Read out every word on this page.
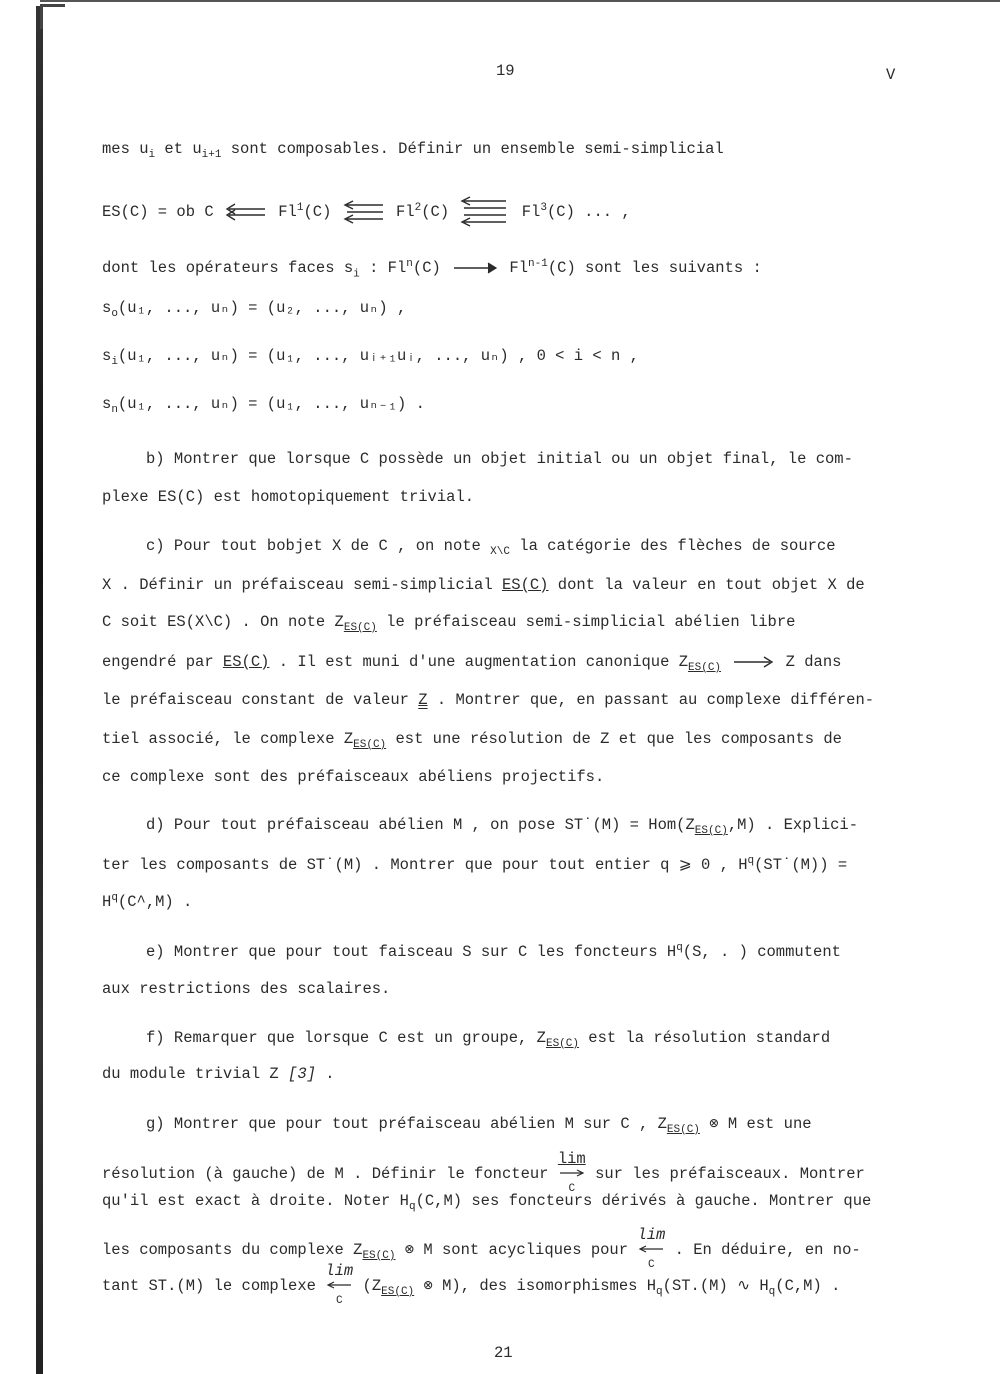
19	V
mes $u_i$ et $u_{i+1}$ sont composables. Définir un ensemble semi-simplicial
ES(C) = ob C	Fl$^1$(C)	Fl$^2$(C)	Fl$^3$(C) ... ,
dont les opérateurs faces $s_i$ : Fl$^n$(C)	Fl$^{n-1}$(C) sont les suivants :
$s_o(u_1$, ..., uₙ) = (u₂, ..., uₙ) ,
$s_i(u_1$, ..., uₙ) = (u₁, ..., uᵢ₊₁uᵢ, ..., uₙ) , 0 < i < n ,
$s_n(u_1$, ..., uₙ) = (u₁, ..., uₙ₋₁) .
b) Montrer que lorsque C possède un objet initial ou un objet final, le com-
plexe ES(C) est homotopiquement trivial.
c) Pour tout bobjet X de C , on note $_{X\backslash C}$ la catégorie des flèches de source
X . Définir un préfaisceau semi-simplicial ES(C) dont la valeur en tout objet X de
C soit ES(X\C) . On note $Z_{ES(C)}$ le préfaisceau semi-simplicial abélien libre
engendré par ES(C) . Il est muni d'une augmentation canonique $Z_{ES(C)}$	Z dans
le préfaisceau constant de valeur Z . Montrer que, en passant au complexe différen-
tiel associé, le complexe $Z_{ES(C)}$ est une résolution de Z et que les composants de
ce complexe sont des préfaisceaux abéliens projectifs.
d) Pour tout préfaisceau abélien M , on pose ST˙(M) = $Hom(Z_{ES(C)},M)$ . Explici-
ter les composants de ST˙(M) . Montrer que pour tout entier q ⩾ 0 , $H^q(ST˙(M))$ =
$H^q(C\^{},M)$ .
e) Montrer que pour tout faisceau S sur C les foncteurs $H^q(S$, . ) commutent
aux restrictions des scalaires.
f) Remarquer que lorsque C est un groupe, $Z_{ES(C)}$ est la résolution standard
du module trivial Z [3] .
g) Montrer que pour tout préfaisceau abélien M sur C , $Z_{ES(C)}$ ⊗ M est une
résolution (à gauche) de M . Définir le foncteur lim

C sur les préfaisceaux. Montrer
qu'il est exact à droite. Noter $H_q(C,M)$ ses foncteurs dérivés à gauche. Montrer que
les composants du complexe $Z_{ES(C)}$ ⊗ M sont acycliques pour lim

C . En déduire, en no-
tant ST.(M) le complexe lim

C ($Z_{ES(C)}$ ⊗ M), des isomorphismes $H_q(ST.(M)$ ∿ $H_q(C,M)$ .
21
